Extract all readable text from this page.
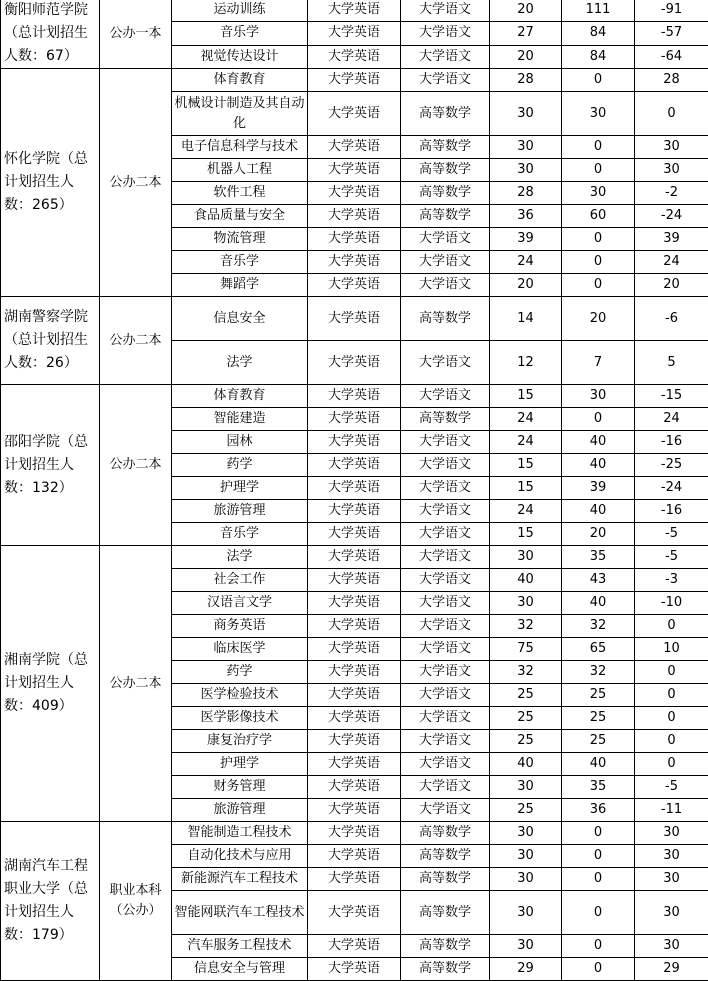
衡阳师范学院（总计划招生人数：67）	公办一本	运动训练	大学英语	大学语文	20	111	-91
		音乐学	大学英语	大学语文	27	84	-57
		视觉传达设计	大学英语	大学语文	20	84	-64
怀化学院（总计划招生人数：265）	公办二本	体育教育	大学英语	大学语文	28	0	28
		机械设计制造及其自动化	大学英语	高等数学	30	30	0
		电子信息科学与技术	大学英语	高等数学	30	0	30
		机器人工程	大学英语	高等数学	30	0	30
		软件工程	大学英语	高等数学	28	30	-2
		食品质量与安全	大学英语	高等数学	36	60	-24
		物流管理	大学英语	大学语文	39	0	39
		音乐学	大学英语	大学语文	24	0	24
		舞蹈学	大学英语	大学语文	20	0	20
湖南警察学院（总计划招生人数：26）	公办二本	信息安全	大学英语	高等数学	14	20	-6
		法学	大学英语	大学语文	12	7	5
邵阳学院（总计划招生人数：132）	公办二本	体育教育	大学英语	大学语文	15	30	-15
		智能建造	大学英语	高等数学	24	0	24
		园林	大学英语	大学语文	24	40	-16
		药学	大学英语	大学语文	15	40	-25
		护理学	大学英语	大学语文	15	39	-24
		旅游管理	大学英语	大学语文	24	40	-16
		音乐学	大学英语	大学语文	15	20	-5
湘南学院（总计划招生人数：409）	公办二本	法学	大学英语	大学语文	30	35	-5
		社会工作	大学英语	大学语文	40	43	-3
		汉语言文学	大学英语	大学语文	30	40	-10
		商务英语	大学英语	大学语文	32	32	0
		临床医学	大学英语	大学语文	75	65	10
		药学	大学英语	大学语文	32	32	0
		医学检验技术	大学英语	大学语文	25	25	0
		医学影像技术	大学英语	大学语文	25	25	0
		康复治疗学	大学英语	大学语文	25	25	0
		护理学	大学英语	大学语文	40	40	0
		财务管理	大学英语	大学语文	30	35	-5
		旅游管理	大学英语	大学语文	25	36	-11
湖南汽车工程职业大学（总计划招生人数：179）	职业本科（公办）	智能制造工程技术	大学英语	高等数学	30	0	30
		自动化技术与应用	大学英语	高等数学	30	0	30
		新能源汽车工程技术	大学英语	高等数学	30	0	30
		智能网联汽车工程技术	大学英语	高等数学	30	0	30
		汽车服务工程技术	大学英语	高等数学	30	0	30
		信息安全与管理	大学英语	高等数学	29	0	29
